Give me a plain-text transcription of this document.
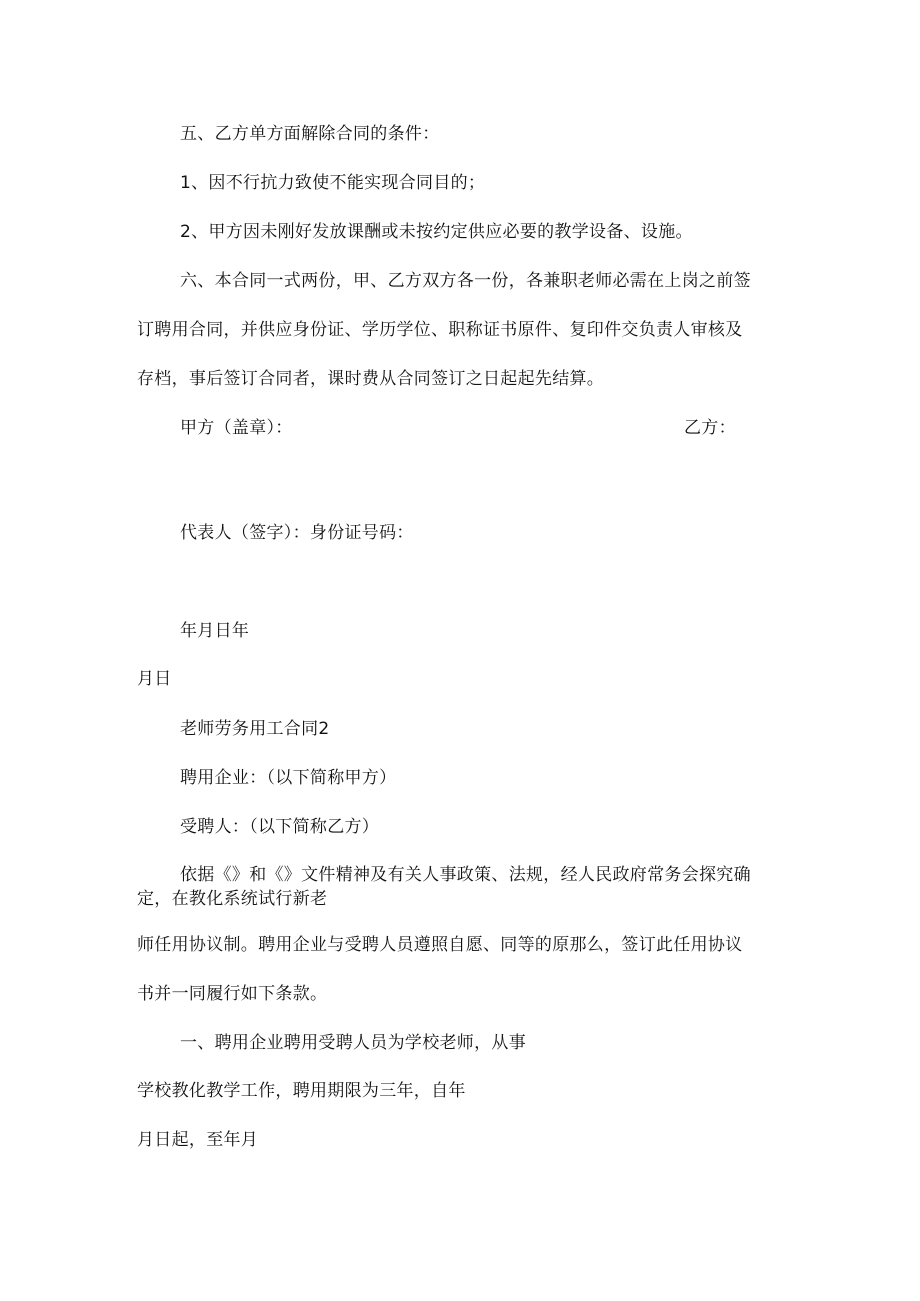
五、乙方单方面解除合同的条件：
1、因不行抗力致使不能实现合同目的；
2、甲方因未刚好发放课酬或未按约定供应必要的教学设备、设施。
六、本合同一式两份，甲、乙方双方各一份，各兼职老师必需在上岗之前签
订聘用合同，并供应身份证、学历学位、职称证书原件、复印件交负责人审核及
存档，事后签订合同者，课时费从合同签订之日起起先结算。
甲方（盖章）：	乙方：
代表人（签字）：身份证号码：
年月日年
月日
老师劳务用工合同2
聘用企业：（以下简称甲方）
受聘人：（以下简称乙方）
依据《》和《》文件精神及有关人事政策、法规，经人民政府常务会探究确
定，在教化系统试行新老
师任用协议制。聘用企业与受聘人员遵照自愿、同等的原那么，签订此任用协议
书并一同履行如下条款。
一、聘用企业聘用受聘人员为学校老师，从事
学校教化教学工作，聘用期限为三年，自年
月日起，至年月
